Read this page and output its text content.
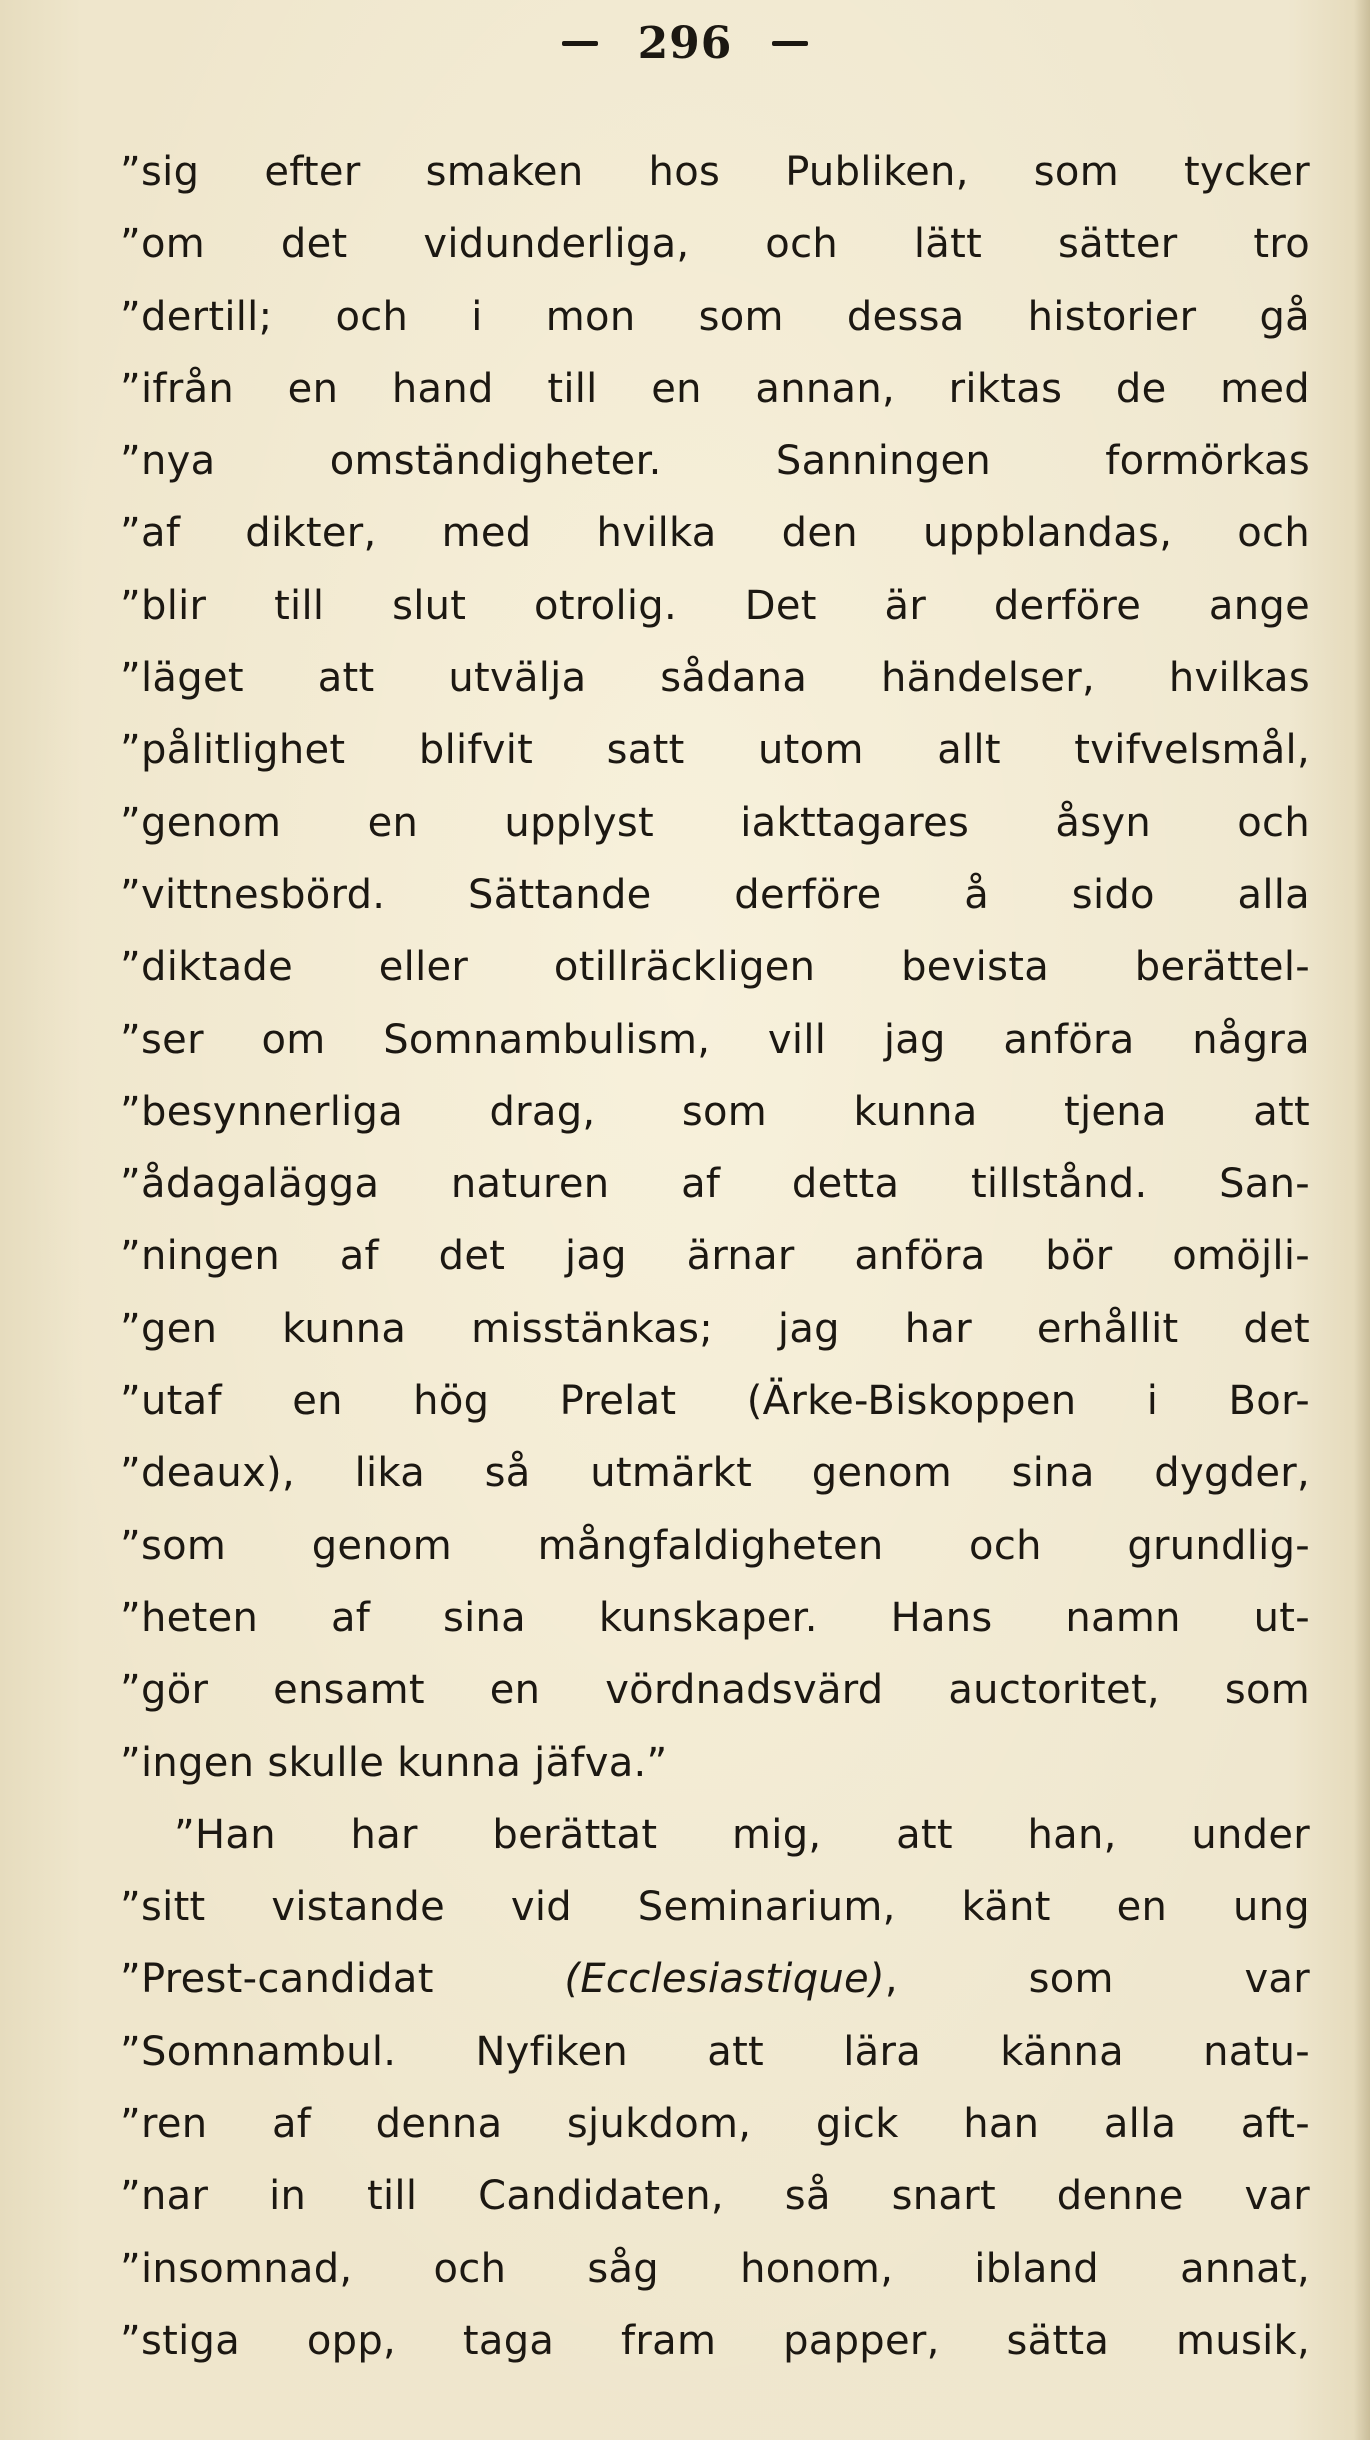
296
”sig efter smaken hos Publiken, som tycker
”om det vidunderliga, och lätt sätter tro
”dertill; och i mon som dessa historier gå
”ifrån en hand till en annan, riktas de med
”nya omständigheter. Sanningen formörkas
”af dikter, med hvilka den uppblandas, och
”blir till slut otrolig. Det är derföre ange
”läget att utvälja sådana händelser, hvilkas
”pålitlighet blifvit satt utom allt tvifvelsmål,
”genom en upplyst iakttagares åsyn och
”vittnesbörd. Sättande derföre å sido alla
”diktade eller otillräckligen bevista berättel-
”ser om Somnambulism, vill jag anföra några
”besynnerliga drag, som kunna tjena att
”ådagalägga naturen af detta tillstånd. San-
”ningen af det jag ärnar anföra bör omöjli-
”gen kunna misstänkas; jag har erhållit det
”utaf en hög Prelat (Ärke-Biskoppen i Bor-
”deaux), lika så utmärkt genom sina dygder,
”som genom mångfaldigheten och grundlig-
”heten af sina kunskaper. Hans namn ut-
”gör ensamt en vördnadsvärd auctoritet, som
”ingen skulle kunna jäfva.”
”Han har berättat mig, att han, under
”sitt vistande vid Seminarium, känt en ung
”Prest-candidat (Ecclesiastique), som var
”Somnambul. Nyfiken att lära känna natu-
”ren af denna sjukdom, gick han alla aft-
”nar in till Candidaten, så snart denne var
”insomnad, och såg honom, ibland annat,
”stiga opp, taga fram papper, sätta musik,
